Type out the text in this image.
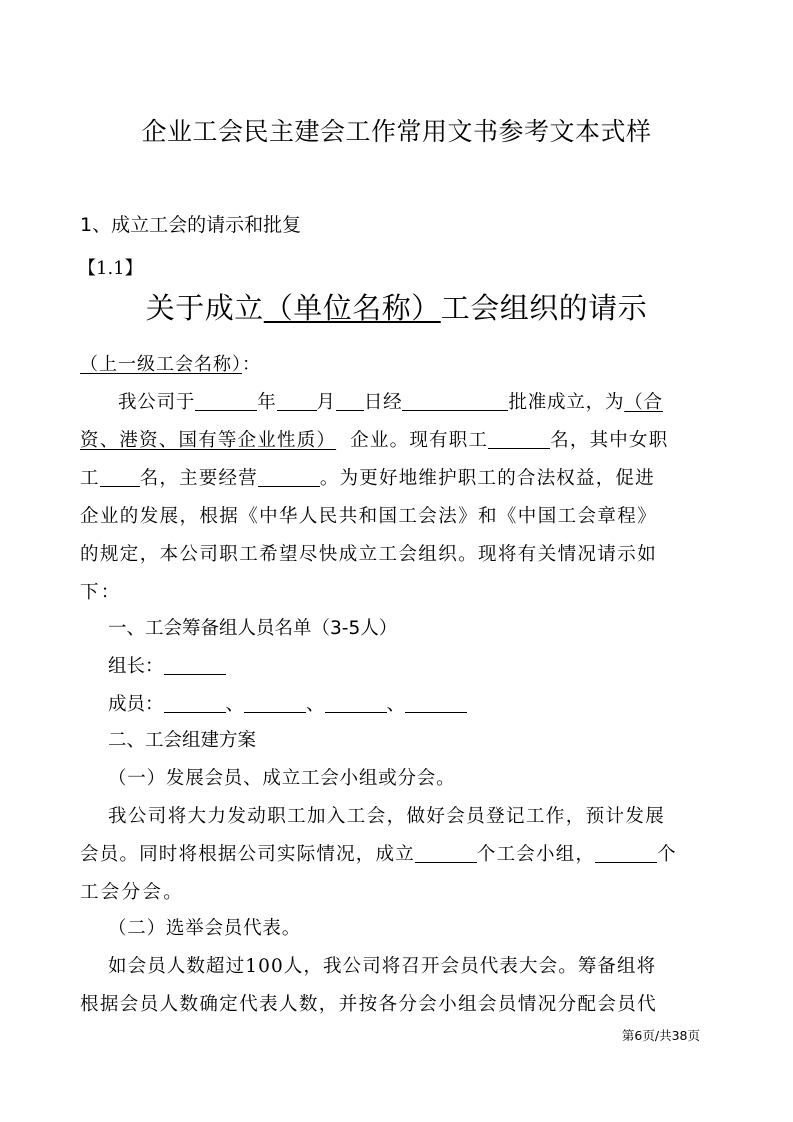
企业工会民主建会工作常用文书参考文本式样
1、成立工会的请示和批复
【1.1】
关于成立（单位名称）工会组织的请示
（上一级工会名称）：
我公司于	年 月 日经	批准成立，为（合
资、港资、国有等企业性质） 企业。现有职工	名，其中女职
工 名，主要经营	。为更好地维护职工的合法权益，促进
企业的发展，根据《中华人民共和国工会法》和《中国工会章程》
的规定，本公司职工希望尽快成立工会组织。现将有关情况请示如
下：
一、工会筹备组人员名单（3-5人）
组长：
成员：	、	、	、
二、工会组建方案
（一）发展会员、成立工会小组或分会。
我公司将大力发动职工加入工会，做好会员登记工作，预计发展
会员。同时将根据公司实际情况，成立	个工会小组，	个
工会分会。
（二）选举会员代表。
如会员人数超过100人，我公司将召开会员代表大会。筹备组将
根据会员人数确定代表人数，并按各分会小组会员情况分配会员代
第6页/共38页
